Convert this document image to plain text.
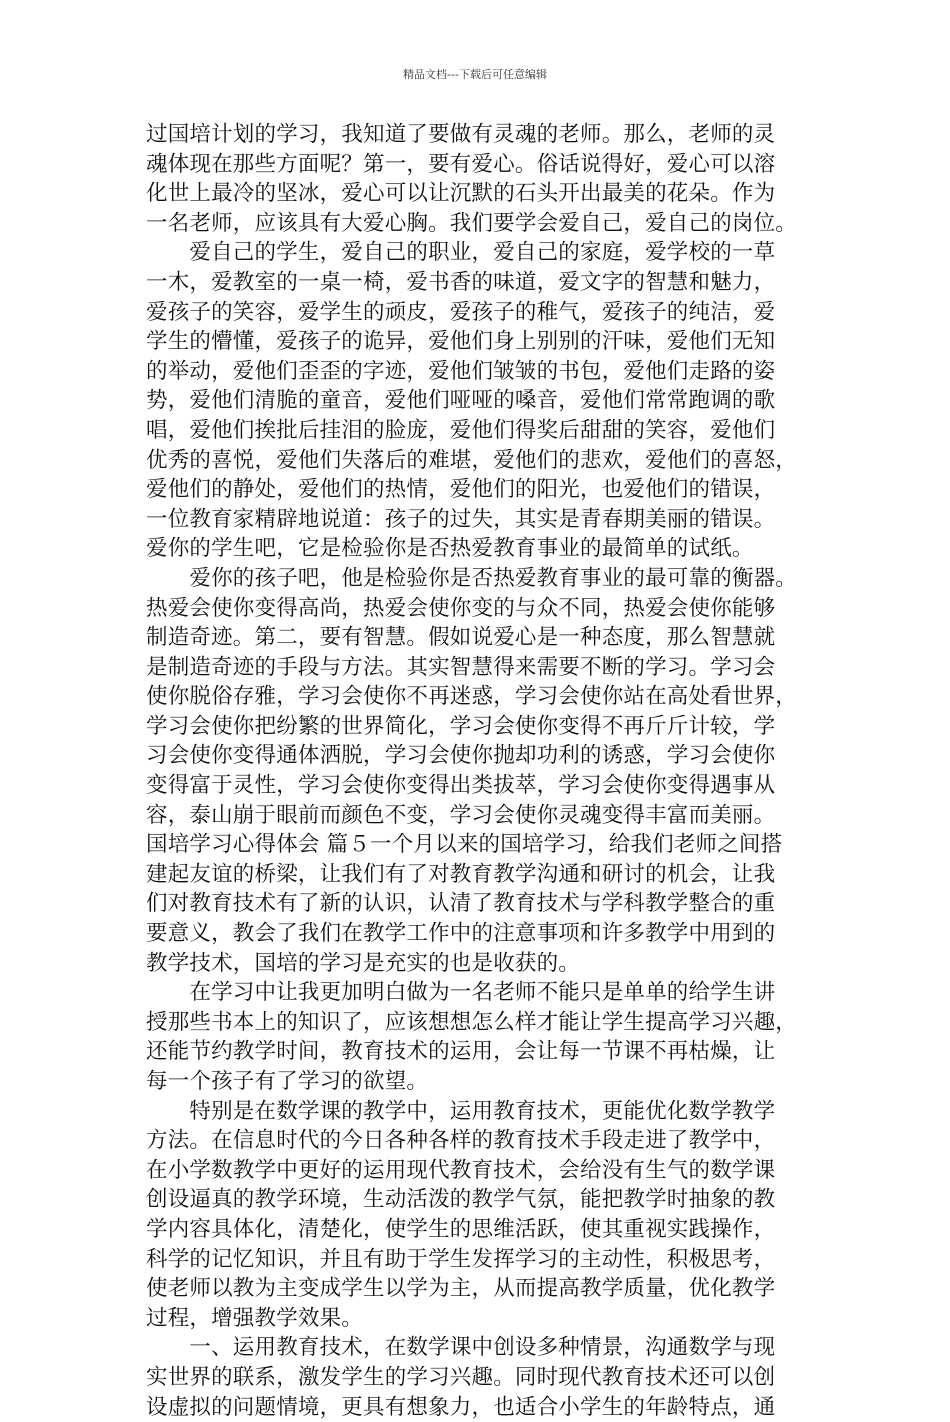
精品文档---下载后可任意编辑
过国培计划的学习，我知道了要做有灵魂的老师。那么，老师的灵
魂体现在那些方面呢？第一，要有爱心。俗话说得好，爱心可以溶
化世上最冷的坚冰，爱心可以让沉默的石头开出最美的花朵。作为
一名老师，应该具有大爱心胸。我们要学会爱自己，爱自己的岗位。
　　爱自己的学生，爱自己的职业，爱自己的家庭，爱学校的一草
一木，爱教室的一桌一椅，爱书香的味道，爱文字的智慧和魅力，
爱孩子的笑容，爱学生的顽皮，爱孩子的稚气，爱孩子的纯洁，爱
学生的懵懂，爱孩子的诡异，爱他们身上别别的汗味，爱他们无知
的举动，爱他们歪歪的字迹，爱他们皱皱的书包，爱他们走路的姿
势，爱他们清脆的童音，爱他们哑哑的嗓音，爱他们常常跑调的歌
唱，爱他们挨批后挂泪的脸庞，爱他们得奖后甜甜的笑容，爱他们
优秀的喜悦，爱他们失落后的难堪，爱他们的悲欢，爱他们的喜怒，
爱他们的静处，爱他们的热情，爱他们的阳光，也爱他们的错误，
一位教育家精辟地说道：孩子的过失，其实是青春期美丽的错误。
爱你的学生吧，它是检验你是否热爱教育事业的最简单的试纸。
　　爱你的孩子吧，他是检验你是否热爱教育事业的最可靠的衡器。
热爱会使你变得高尚，热爱会使你变的与众不同，热爱会使你能够
制造奇迹。第二，要有智慧。假如说爱心是一种态度，那么智慧就
是制造奇迹的手段与方法。其实智慧得来需要不断的学习。学习会
使你脱俗存雅，学习会使你不再迷惑，学习会使你站在高处看世界，
学习会使你把纷繁的世界简化，学习会使你变得不再斤斤计较，学
习会使你变得通体洒脱，学习会使你抛却功利的诱惑，学习会使你
变得富于灵性，学习会使你变得出类拔萃，学习会使你变得遇事从
容，泰山崩于眼前而颜色不变，学习会使你灵魂变得丰富而美丽。
国培学习心得体会 篇５一个月以来的国培学习，给我们老师之间搭
建起友谊的桥梁，让我们有了对教育教学沟通和研讨的机会，让我
们对教育技术有了新的认识，认清了教育技术与学科教学整合的重
要意义，教会了我们在教学工作中的注意事项和许多教学中用到的
教学技术，国培的学习是充实的也是收获的。
　　在学习中让我更加明白做为一名老师不能只是单单的给学生讲
授那些书本上的知识了，应该想想怎么样才能让学生提高学习兴趣，
还能节约教学时间，教育技术的运用，会让每一节课不再枯燥，让
每一个孩子有了学习的欲望。
　　特别是在数学课的教学中，运用教育技术，更能优化数学教学
方法。在信息时代的今日各种各样的教育技术手段走进了教学中，
在小学数教学中更好的运用现代教育技术，会给没有生气的数学课
创设逼真的教学环境，生动活泼的教学气氛，能把教学时抽象的教
学内容具体化，清楚化，使学生的思维活跃，使其重视实践操作，
科学的记忆知识，并且有助于学生发挥学习的主动性，积极思考，
使老师以教为主变成学生以学为主，从而提高教学质量，优化教学
过程，增强教学效果。
　　一、运用教育技术，在数学课中创设多种情景，沟通数学与现
实世界的联系，激发学生的学习兴趣。同时现代教育技术还可以创
设虚拟的问题情境，更具有想象力，也适合小学生的年龄特点，通
